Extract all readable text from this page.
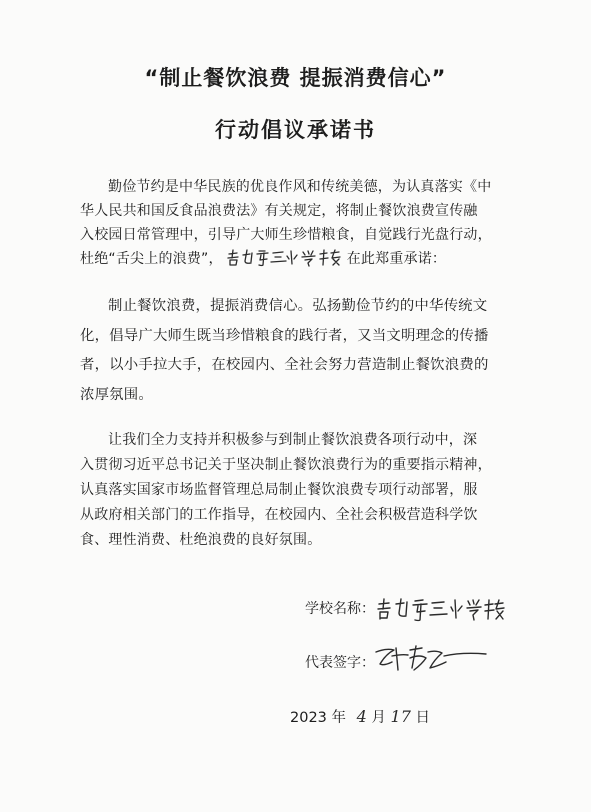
“制止餐饮浪费 提振消费信心”
行动倡议承诺书
勤俭节约是中华民族的优良作风和传统美德，为认真落实《中
华人民共和国反食品浪费法》有关规定，将制止餐饮浪费宣传融
入校园日常管理中，引导广大师生珍惜粮食，自觉践行光盘行动，
杜绝“舌尖上的浪费”，	在此郑重承诺：
制止餐饮浪费，提振消费信心。弘扬勤俭节约的中华传统文
化，倡导广大师生既当珍惜粮食的践行者，又当文明理念的传播
者，以小手拉大手，在校园内、全社会努力营造制止餐饮浪费的
浓厚氛围。
让我们全力支持并积极参与到制止餐饮浪费各项行动中，深
入贯彻习近平总书记关于坚决制止餐饮浪费行为的重要指示精神，
认真落实国家市场监督管理总局制止餐饮浪费专项行动部署，服
从政府相关部门的工作指导，在校园内、全社会积极营造科学饮
食、理性消费、杜绝浪费的良好氛围。
学校名称：
代表签字：
2023 年 4 月 17 日
